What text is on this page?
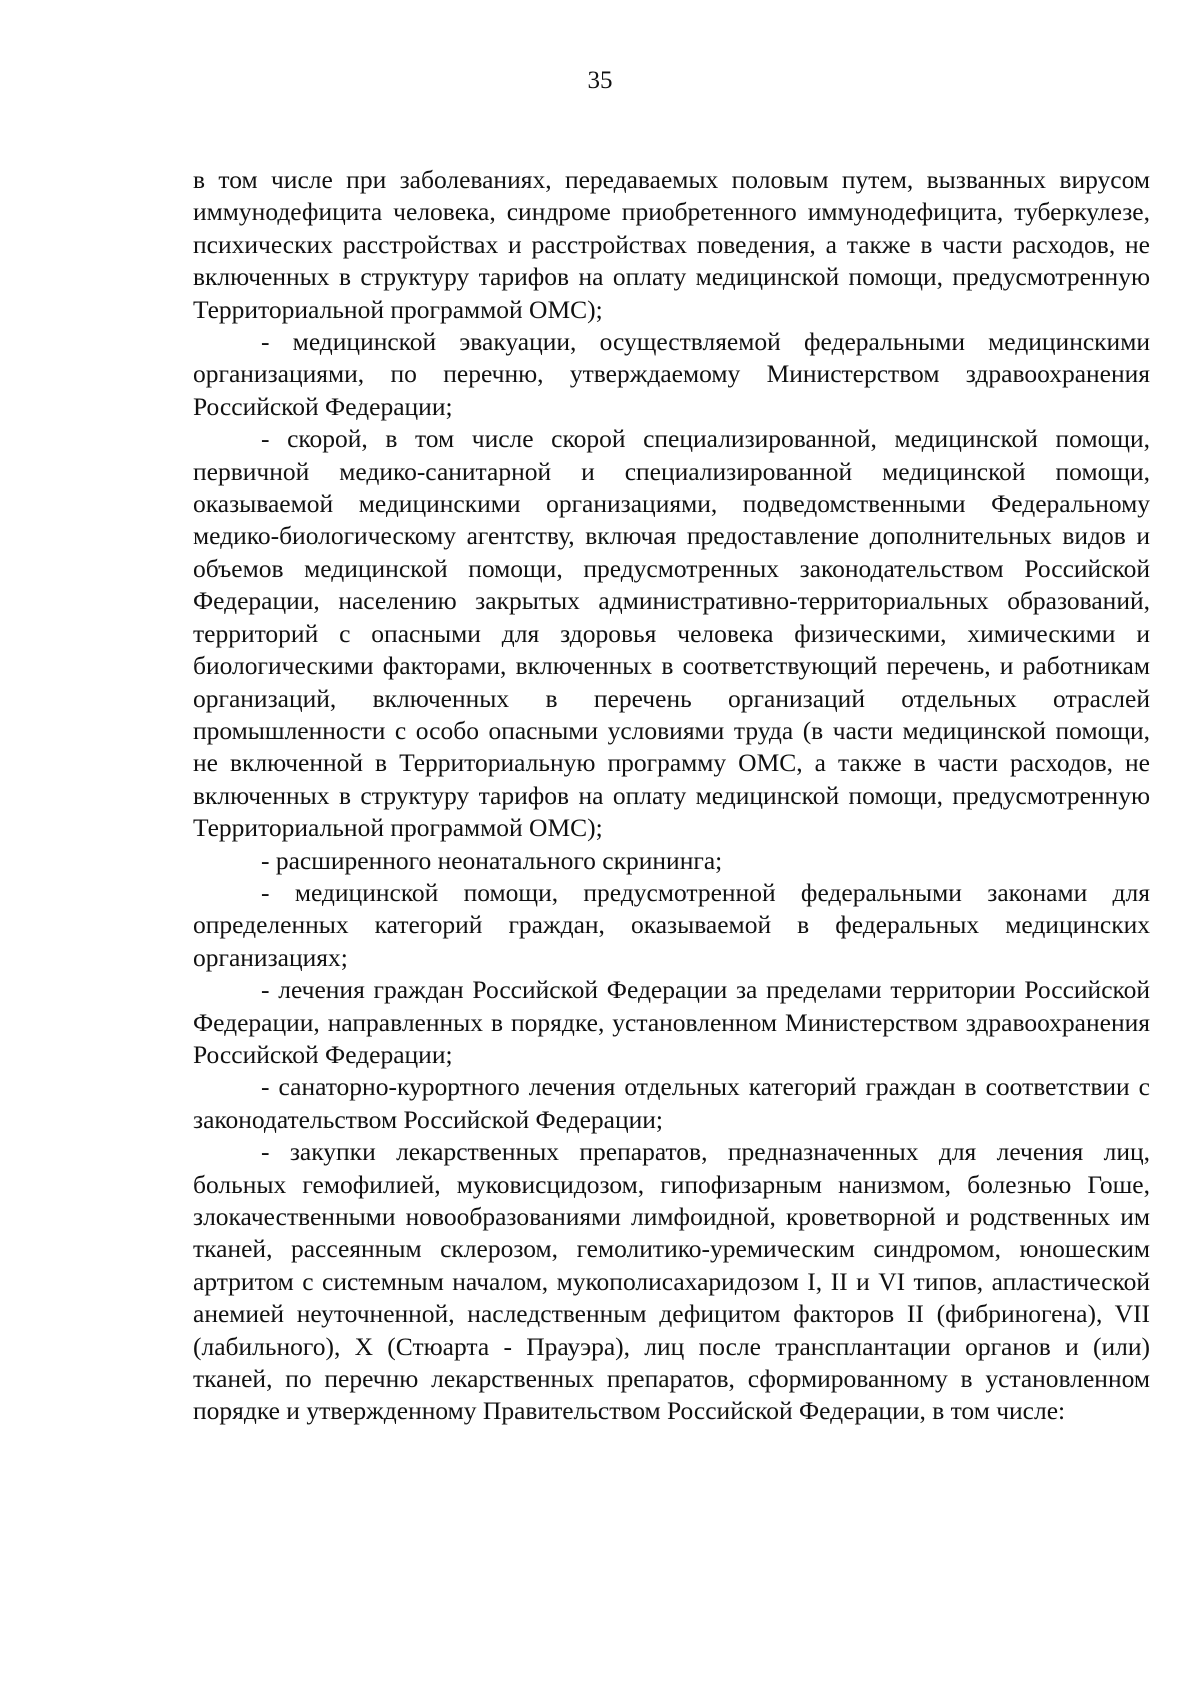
35

в том числе при заболеваниях, передаваемых половым путем, вызванных вирусом иммунодефицита человека, синдроме приобретенного иммунодефицита, туберкулезе, психических расстройствах и расстройствах поведения, а также в части расходов, не включенных в структуру тарифов на оплату медицинской помощи, предусмотренную Территориальной программой ОМС);

- медицинской эвакуации, осуществляемой федеральными медицинскими организациями, по перечню, утверждаемому Министерством здравоохранения Российской Федерации;

- скорой, в том числе скорой специализированной, медицинской помощи, первичной медико-санитарной и специализированной медицинской помощи, оказываемой медицинскими организациями, подведомственными Федеральному медико-биологическому агентству, включая предоставление дополнительных видов и объемов медицинской помощи, предусмотренных законодательством Российской Федерации, населению закрытых административно-территориальных образований, территорий с опасными для здоровья человека физическими, химическими и биологическими факторами, включенных в соответствующий перечень, и работникам организаций, включенных в перечень организаций отдельных отраслей промышленности с особо опасными условиями труда (в части медицинской помощи, не включенной в Территориальную программу ОМС, а также в части расходов, не включенных в структуру тарифов на оплату медицинской помощи, предусмотренную Территориальной программой ОМС);

- расширенного неонатального скрининга;

- медицинской помощи, предусмотренной федеральными законами для определенных категорий граждан, оказываемой в федеральных медицинских организациях;

- лечения граждан Российской Федерации за пределами территории Российской Федерации, направленных в порядке, установленном Министерством здравоохранения Российской Федерации;

- санаторно-курортного лечения отдельных категорий граждан в соответствии с законодательством Российской Федерации;

- закупки лекарственных препаратов, предназначенных для лечения лиц, больных гемофилией, муковисцидозом, гипофизарным нанизмом, болезнью Гоше, злокачественными новообразованиями лимфоидной, кроветворной и родственных им тканей, рассеянным склерозом, гемолитико-уремическим синдромом, юношеским артритом с системным началом, мукополисахаридозом I, II и VI типов, апластической анемией неуточненной, наследственным дефицитом факторов II (фибриногена), VII (лабильного), X (Стюарта - Прауэра), лиц после трансплантации органов и (или) тканей, по перечню лекарственных препаратов, сформированному в установленном порядке и утвержденному Правительством Российской Федерации, в том числе:
